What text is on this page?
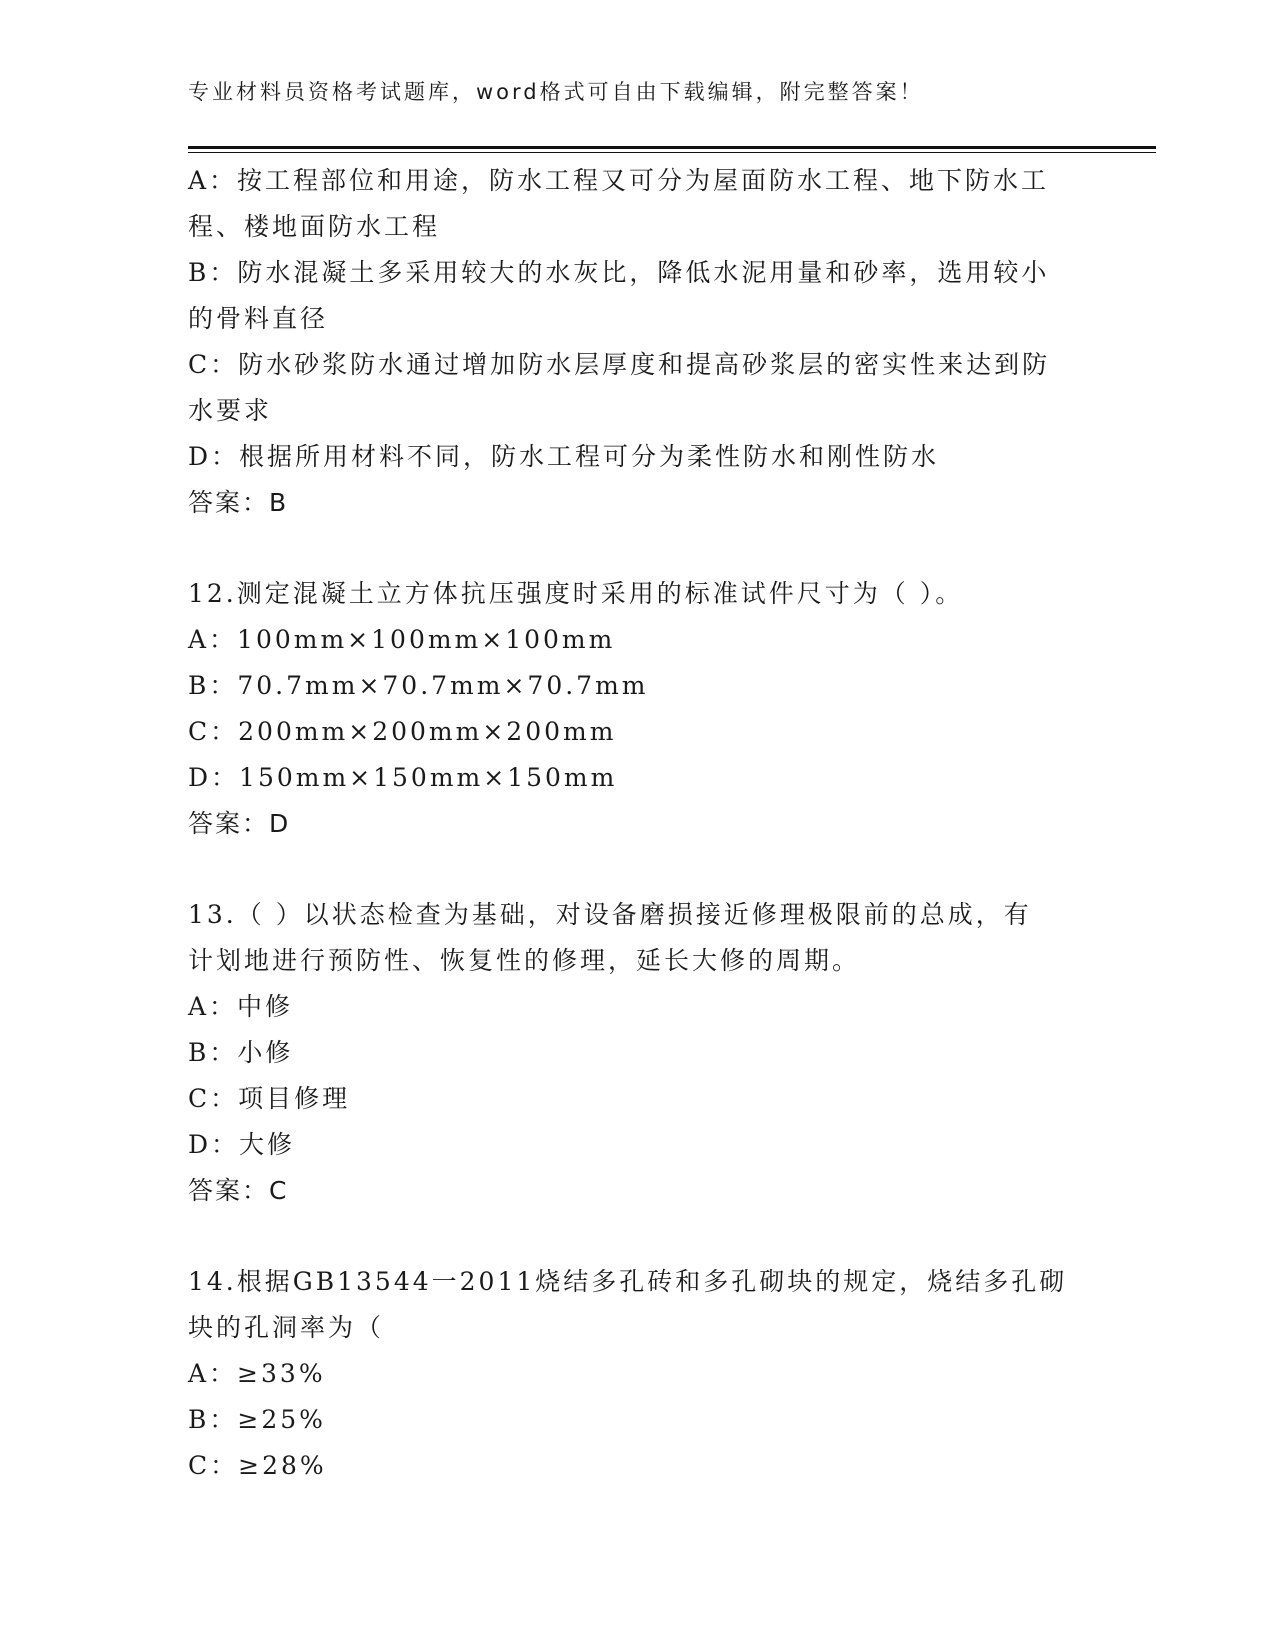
专业材料员资格考试题库，word格式可自由下载编辑，附完整答案！
A：按工程部位和用途，防水工程又可分为屋面防水工程、地下防水工
程、楼地面防水工程
B：防水混凝土多采用较大的水灰比，降低水泥用量和砂率，选用较小
的骨料直径
C：防水砂浆防水通过增加防水层厚度和提高砂浆层的密实性来达到防
水要求
D：根据所用材料不同，防水工程可分为柔性防水和刚性防水
答案：B
12.测定混凝土立方体抗压强度时采用的标准试件尺寸为（ ）。
A：100mm×100mm×100mm
B：70.7mm×70.7mm×70.7mm
C：200mm×200mm×200mm
D：150mm×150mm×150mm
答案：D
13.（ ）以状态检查为基础，对设备磨损接近修理极限前的总成，有
计划地进行预防性、恢复性的修理，延长大修的周期。
A：中修
B：小修
C：项目修理
D：大修
答案：C
14.根据GB13544一2011烧结多孔砖和多孔砌块的规定，烧结多孔砌
块的孔洞率为（
A：≥33%
B：≥25%
C：≥28%
